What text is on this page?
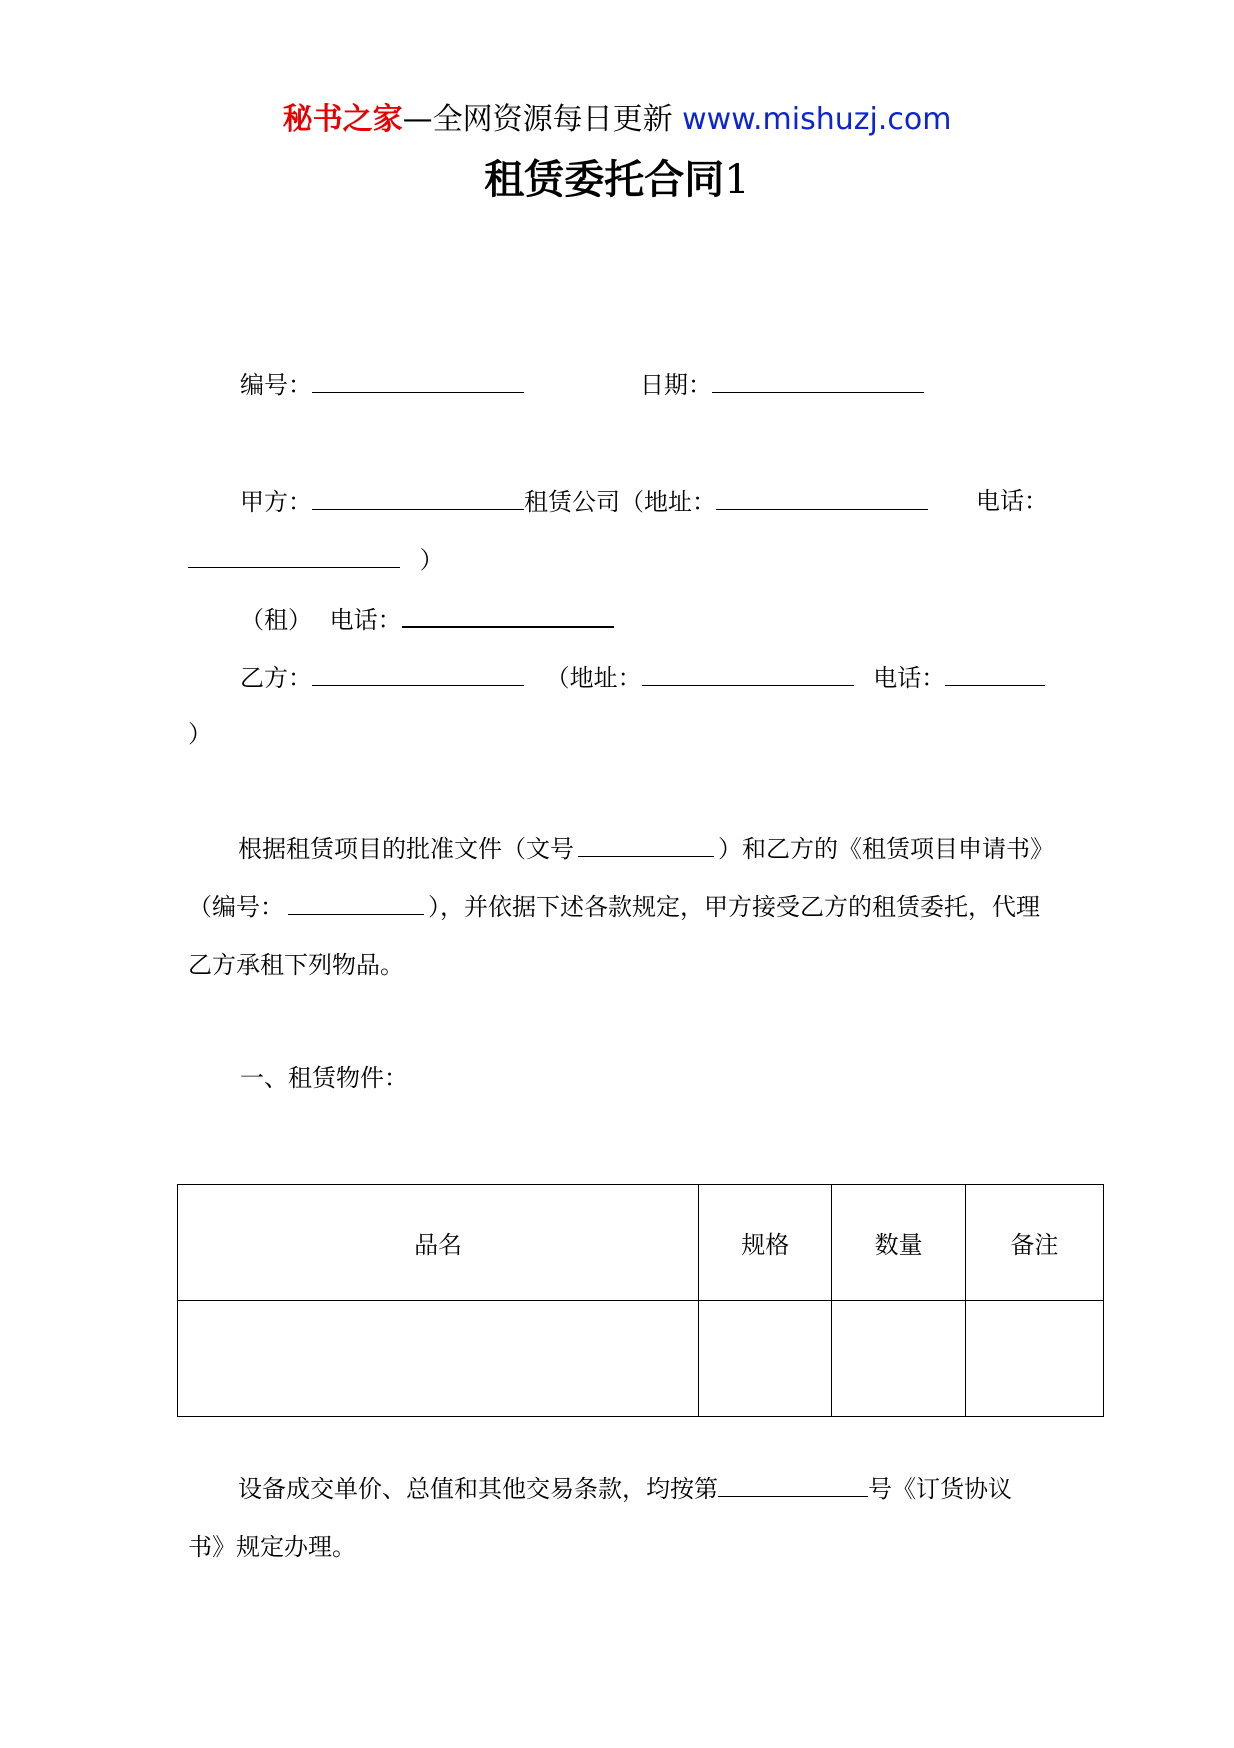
秘书之家—全网资源每日更新 www.mishuzj.com
租赁委托合同1
编号：	日期：
甲方：	租赁公司（地址：	电话：
）
（租） 电话：
乙方：	（地址：	电话：
）
根据租赁项目的批准文件（文号	）和乙方的《租赁项目申请书》（编号：	），并依据下述各款规定，甲方接受乙方的租赁委托，代理乙方承租下列物品。
一、租赁物件：
品名	规格	数量	备注

设备成交单价、总值和其他交易条款，均按第	号《订货协议书》规定办理。
